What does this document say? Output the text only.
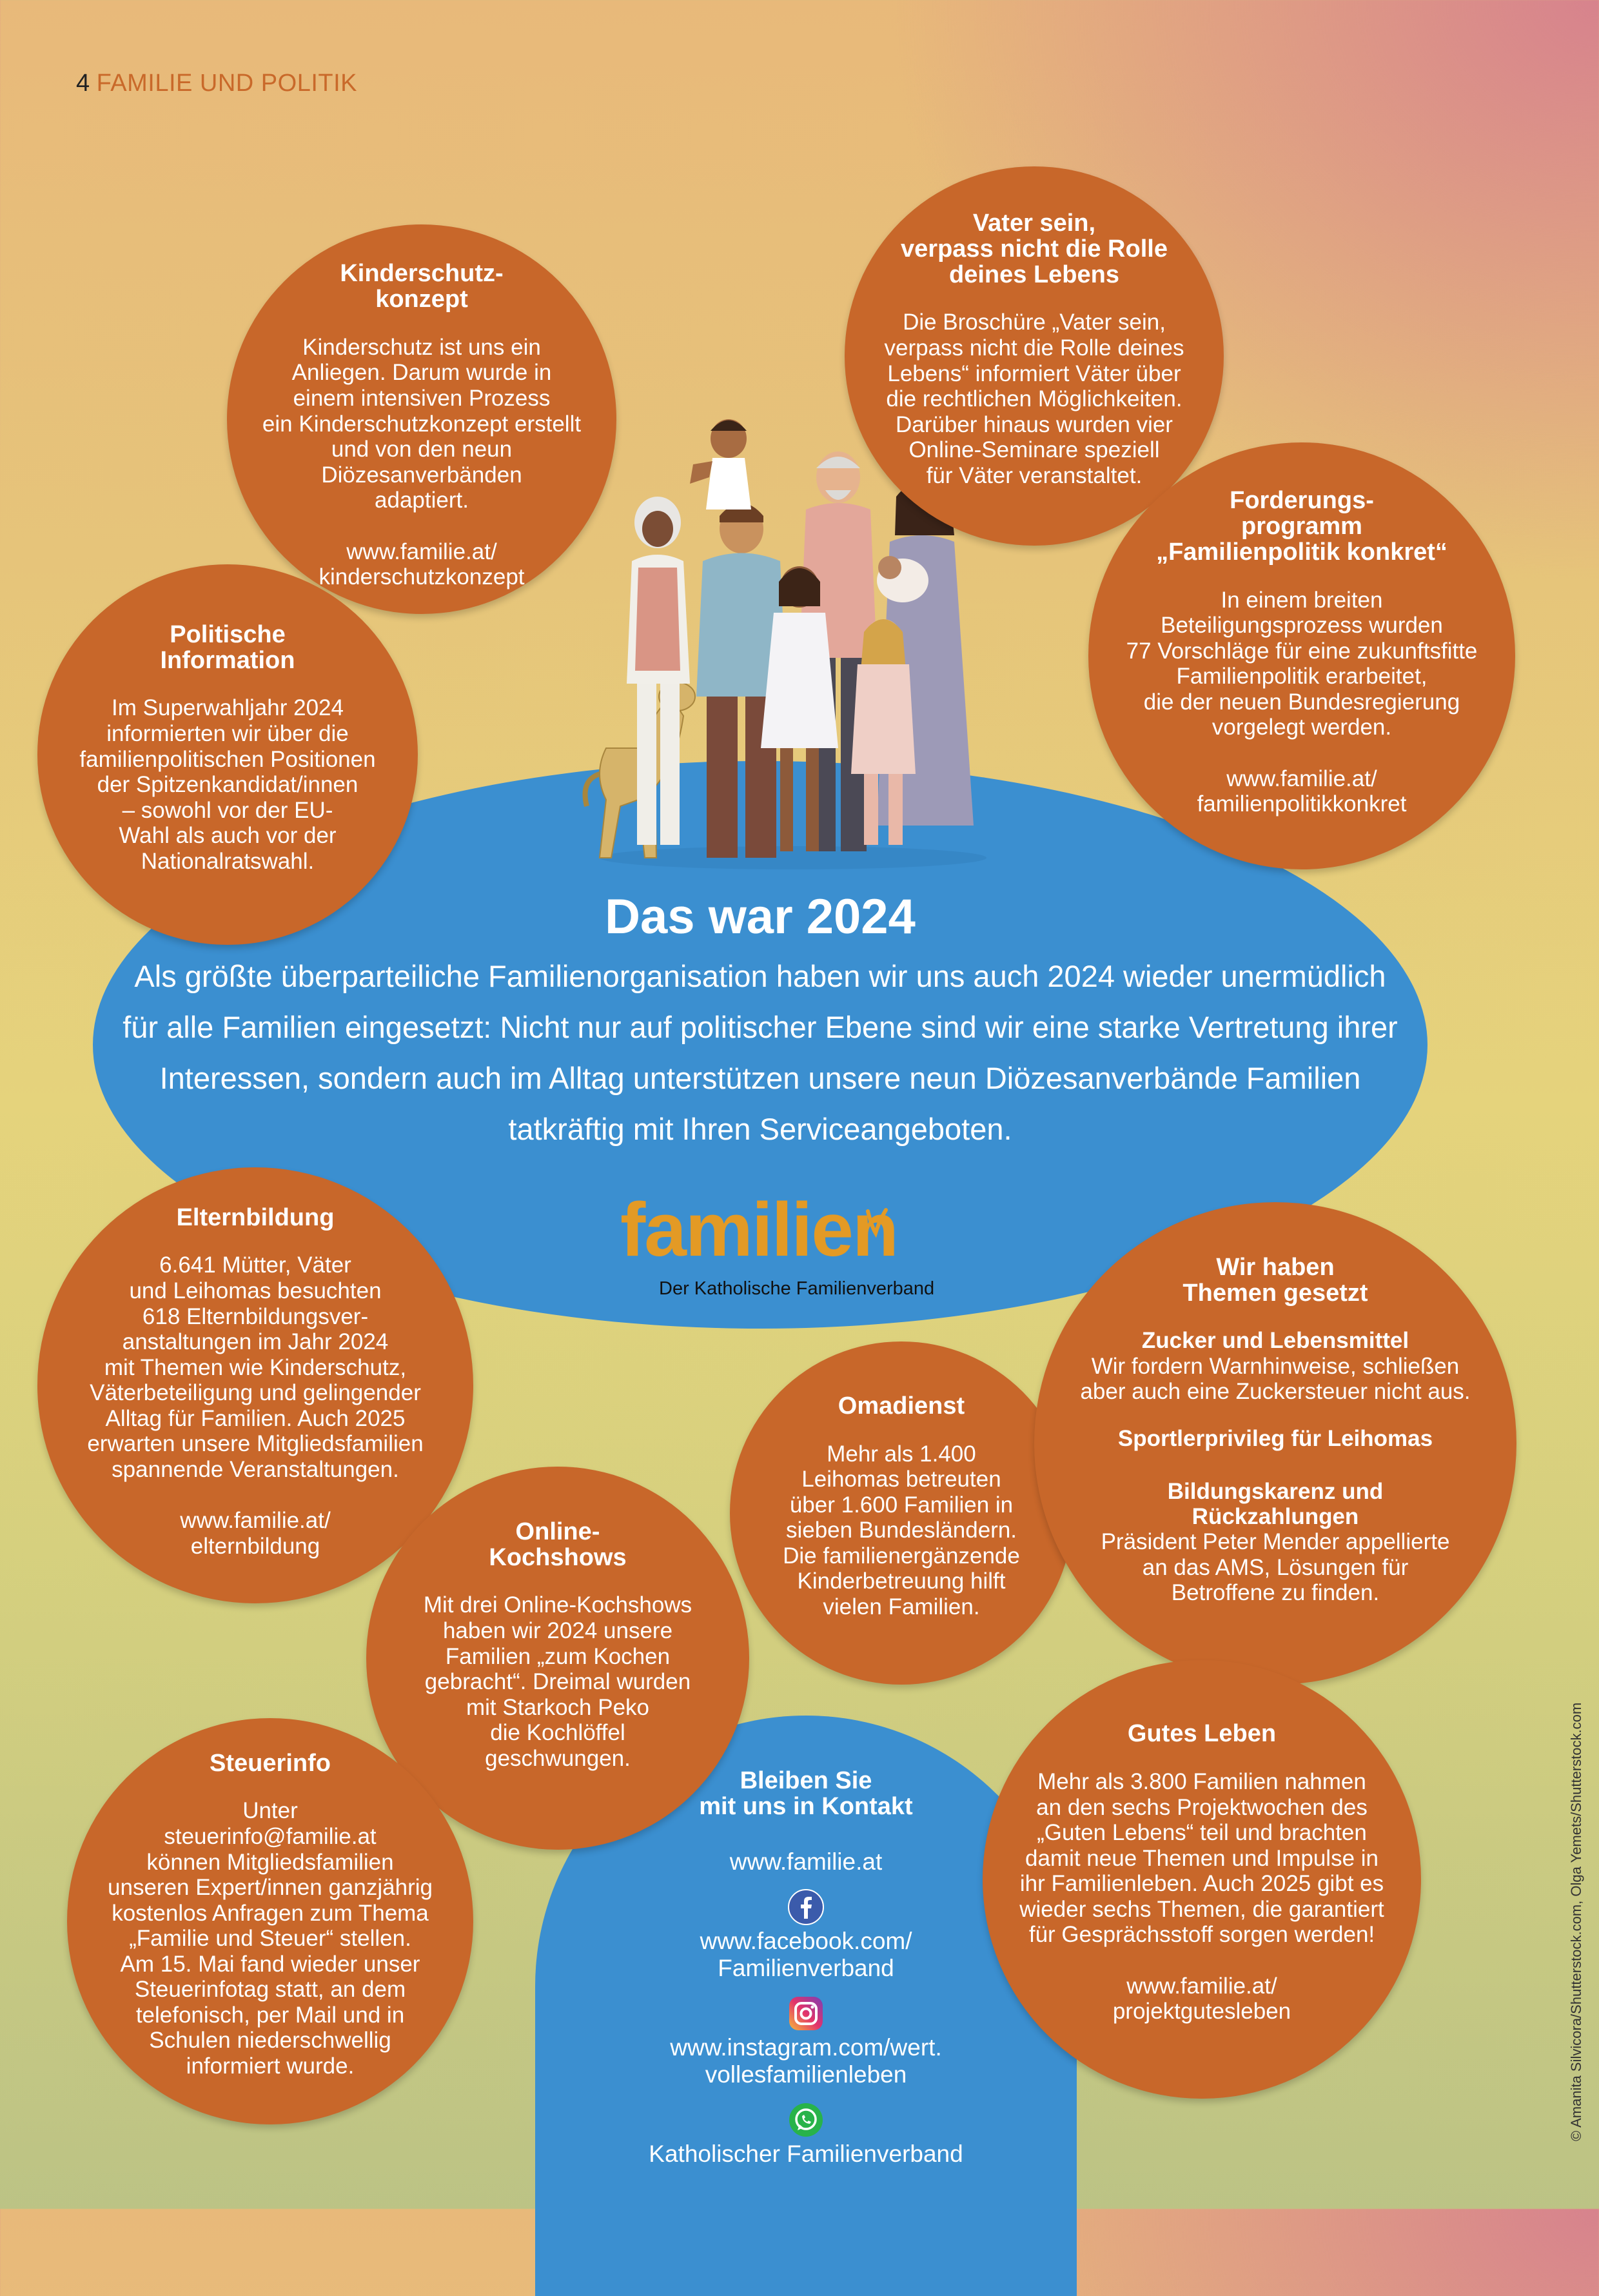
4 FAMILIE UND POLITIK
Kinderschutz-
konzept

Kinderschutz ist uns ein
Anliegen. Darum wurde in
einem intensiven Prozess
ein Kinderschutzkonzept erstellt
und von den neun
Diözesanverbänden
adaptiert.

www.familie.at/
kinderschutzkonzept

Vater sein,
verpass nicht die Rolle
deines Lebens

Die Broschüre „Vater sein,
verpass nicht die Rolle deines
Lebens“ informiert Väter über
die rechtlichen Möglichkeiten.
Darüber hinaus wurden vier
Online-Seminare speziell
für Väter veranstaltet.

Politische
Information

Im Superwahljahr 2024
informierten wir über die
familienpolitischen Positionen
der Spitzenkandidat/innen
– sowohl vor der EU-
Wahl als auch vor der
Nationalratswahl.

Forderungs-
programm
„Familienpolitik konkret“

In einem breiten
Beteiligungsprozess wurden
77 Vorschläge für eine zukunftsfitte
Familienpolitik erarbeitet,
die der neuen Bundesregierung
vorgelegt werden.

www.familie.at/
familienpolitikkonkret

Elternbildung

6.641 Mütter, Väter
und Leihomas besuchten
618 Elternbildungsver-
anstaltungen im Jahr 2024
mit Themen wie Kinderschutz,
Väterbeteiligung und gelingender
Alltag für Familien. Auch 2025
erwarten unsere Mitgliedsfamilien
spannende Veranstaltungen.

www.familie.at/
elternbildung

Omadienst

Mehr als 1.400
Leihomas betreuten
über 1.600 Familien in
sieben Bundesländern.
Die familienergänzende
Kinderbetreuung hilft
vielen Familien.

Wir haben
Themen gesetzt
Zucker und Lebensmittel

Wir fordern Warnhinweise, schließen
aber auch eine Zuckersteuer nicht aus.

Sportlerprivileg für Leihomas
Bildungskarenz und
Rückzahlungen

Präsident Peter Mender appellierte
an das AMS, Lösungen für
Betroffene zu finden.

Online-
Kochshows

Mit drei Online-Kochshows
haben wir 2024 unsere
Familien „zum Kochen
gebracht“. Dreimal wurden
mit Starkoch Peko
die Kochlöffel
geschwungen.

Steuerinfo

Unter
steuerinfo@familie.at
können Mitgliedsfamilien
unseren Expert/innen ganzjährig
kostenlos Anfragen zum Thema
„Familie und Steuer“ stellen.
Am 15. Mai fand wieder unser
Steuerinfotag statt, an dem
telefonisch, per Mail und in
Schulen niederschwellig
informiert wurde.

Gutes Leben

Mehr als 3.800 Familien nahmen
an den sechs Projektwochen des
„Guten Lebens“ teil und brachten
damit neue Themen und Impulse in
ihr Familienleben. Auch 2025 gibt es
wieder sechs Themen, die garantiert
für Gesprächsstoff sorgen werden!

www.familie.at/
projektgutesleben

Das war 2024

Als größte überparteiliche Familienorganisation haben wir uns auch 2024 wieder unermüdlich für alle Familien eingesetzt: Nicht nur auf politischer Ebene sind wir eine starke Vertretung ihrer Interessen, sondern auch im Alltag unterstützen unsere neun Diözesanverbände Familien tatkräftig mit Ihren Serviceangeboten.

familien
Der Katholische Familienverband
Bleiben Sie
mit uns in Kontakt

www.familie.at

www.facebook.com/
Familienverband

www.instagram.com/wert.
vollesfamilienleben

Katholischer Familienverband

© Amanita Silvicora/Shutterstock.com, Olga Yemets/Shutterstock.com
